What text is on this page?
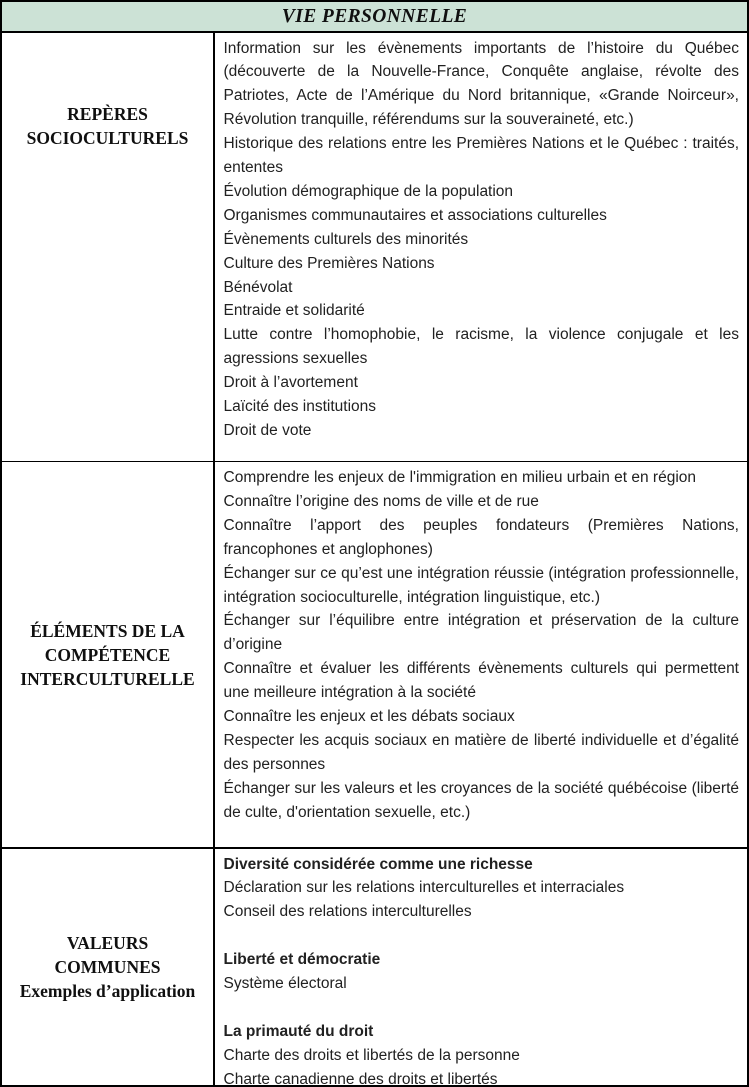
VIE PERSONNELLE
REPÈRES
SOCIOCULTURELS

Information sur les évènements importants de l’histoire du Québec (découverte de la Nouvelle-France, Conquête anglaise, révolte des Patriotes, Acte de l’Amérique du Nord britannique, «Grande Noirceur», Révolution tranquille, référendums sur la souveraineté, etc.)

Historique des relations entre les Premières Nations et le Québec : traités, ententes

Évolution démographique de la population

Organismes communautaires et associations culturelles

Évènements culturels des minorités

Culture des Premières Nations

Bénévolat

Entraide et solidarité

Lutte contre l’homophobie, le racisme, la violence conjugale et les agressions sexuelles

Droit à l’avortement

Laïcité des institutions

Droit de vote

ÉLÉMENTS DE LA
COMPÉTENCE
INTERCULTURELLE

Comprendre les enjeux de l'immigration en milieu urbain et en région

Connaître l’origine des noms de ville et de rue

Connaître l’apport des peuples fondateurs (Premières Nations, francophones et anglophones)

Échanger sur ce qu’est une intégration réussie (intégration professionnelle, intégration socioculturelle, intégration linguistique, etc.)

Échanger sur l’équilibre entre intégration et préservation de la culture d’origine

Connaître et évaluer les différents évènements culturels qui permettent une meilleure intégration à la société

Connaître les enjeux et les débats sociaux

Respecter les acquis sociaux en matière de liberté individuelle et d’égalité des personnes

Échanger sur les valeurs et les croyances de la société québécoise (liberté de culte, d'orientation sexuelle, etc.)

VALEURS
COMMUNES
Exemples d’application

Diversité considérée comme une richesse

Déclaration sur les relations interculturelles et interraciales

Conseil des relations interculturelles

Liberté et démocratie

Système électoral

La primauté du droit

Charte des droits et libertés de la personne

Charte canadienne des droits et libertés
